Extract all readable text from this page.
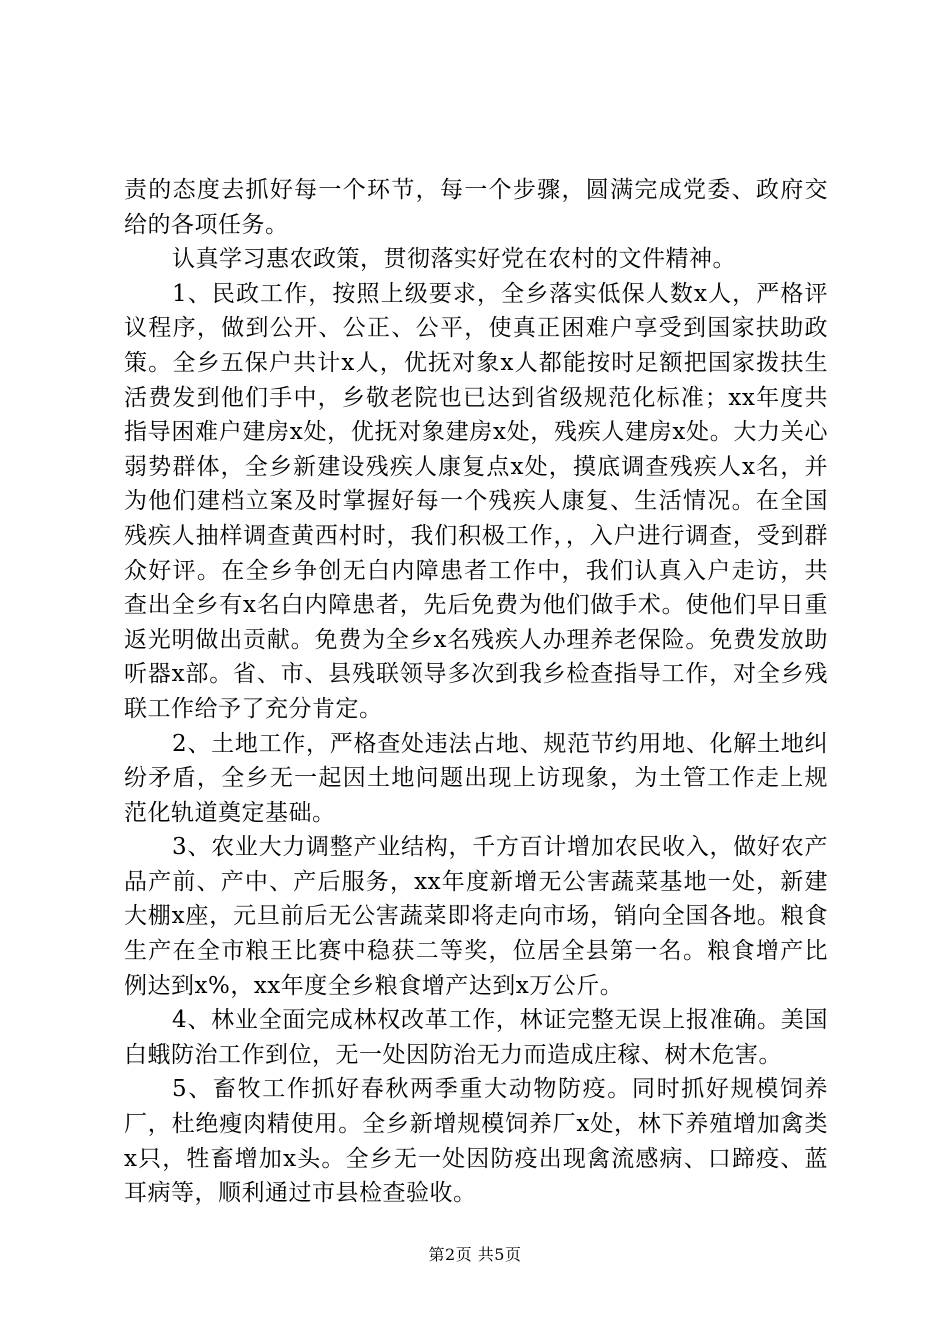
责的态度去抓好每一个环节，每一个步骤，圆满完成党委、政府交给的各项任务。

认真学习惠农政策，贯彻落实好党在农村的文件精神。

1、民政工作，按照上级要求，全乡落实低保人数x人，严格评议程序，做到公开、公正、公平，使真正困难户享受到国家扶助政策。全乡五保户共计x人，优抚对象x人都能按时足额把国家拨扶生活费发到他们手中，乡敬老院也已达到省级规范化标准；xx年度共指导困难户建房x处，优抚对象建房x处，残疾人建房x处。大力关心弱势群体，全乡新建设残疾人康复点x处，摸底调查残疾人x名，并为他们建档立案及时掌握好每一个残疾人康复、生活情况。在全国残疾人抽样调查黄西村时，我们积极工作，，入户进行调查，受到群众好评。在全乡争创无白内障患者工作中，我们认真入户走访，共查出全乡有x名白内障患者，先后免费为他们做手术。使他们早日重返光明做出贡献。免费为全乡x名残疾人办理养老保险。免费发放助听器x部。省、市、县残联领导多次到我乡检查指导工作，对全乡残联工作给予了充分肯定。

2、土地工作，严格查处违法占地、规范节约用地、化解土地纠纷矛盾，全乡无一起因土地问题出现上访现象，为土管工作走上规范化轨道奠定基础。

3、农业大力调整产业结构，千方百计增加农民收入，做好农产品产前、产中、产后服务，xx年度新增无公害蔬菜基地一处，新建大棚x座，元旦前后无公害蔬菜即将走向市场，销向全国各地。粮食生产在全市粮王比赛中稳获二等奖，位居全县第一名。粮食增产比例达到x%，xx年度全乡粮食增产达到x万公斤。

4、林业全面完成林权改革工作，林证完整无误上报准确。美国白蛾防治工作到位，无一处因防治无力而造成庄稼、树木危害。

5、畜牧工作抓好春秋两季重大动物防疫。同时抓好规模饲养厂，杜绝瘦肉精使用。全乡新增规模饲养厂x处，林下养殖增加禽类x只，牲畜增加x头。全乡无一处因防疫出现禽流感病、口蹄疫、蓝耳病等，顺利通过市县检查验收。

第2页 共5页
